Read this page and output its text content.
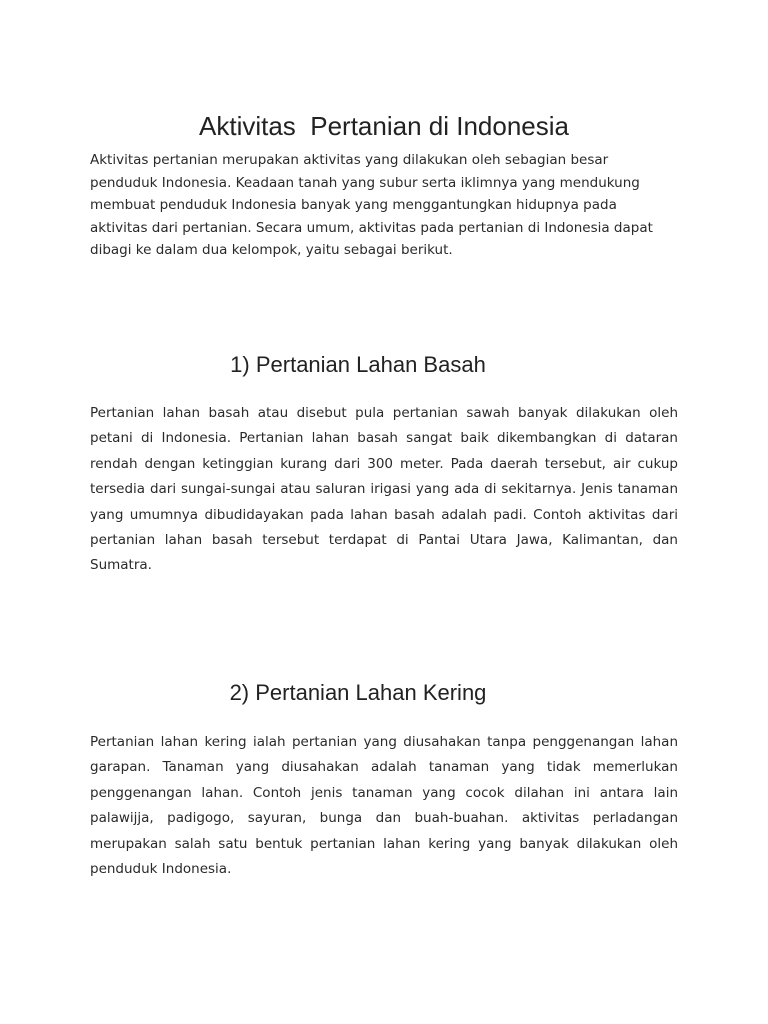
Aktivitas  Pertanian di Indonesia

Aktivitas pertanian merupakan aktivitas yang dilakukan oleh sebagian besar penduduk Indonesia. Keadaan tanah yang subur serta iklimnya yang mendukung membuat penduduk Indonesia banyak yang menggantungkan hidupnya pada aktivitas dari pertanian. Secara umum, aktivitas pada pertanian di Indonesia dapat dibagi ke dalam dua kelompok, yaitu sebagai berikut.

1) Pertanian Lahan Basah

Pertanian lahan basah atau disebut pula pertanian sawah banyak dilakukan oleh petani di Indonesia. Pertanian lahan basah sangat baik dikembangkan di dataran rendah dengan ketinggian kurang dari 300 meter. Pada daerah tersebut, air cukup tersedia dari sungai-sungai atau saluran irigasi yang ada di sekitarnya. Jenis tanaman yang umumnya dibudidayakan pada lahan basah adalah padi. Contoh aktivitas dari pertanian lahan basah tersebut terdapat di Pantai Utara Jawa, Kalimantan, dan Sumatra.

2) Pertanian Lahan Kering

Pertanian lahan kering ialah pertanian yang diusahakan tanpa penggenangan lahan garapan. Tanaman yang diusahakan adalah tanaman yang tidak memerlukan penggenangan lahan. Contoh jenis tanaman yang cocok dilahan ini antara lain palawijja, padigogo, sayuran, bunga dan buah-buahan. aktivitas perladangan merupakan salah satu bentuk pertanian lahan kering yang banyak dilakukan oleh penduduk Indonesia.
